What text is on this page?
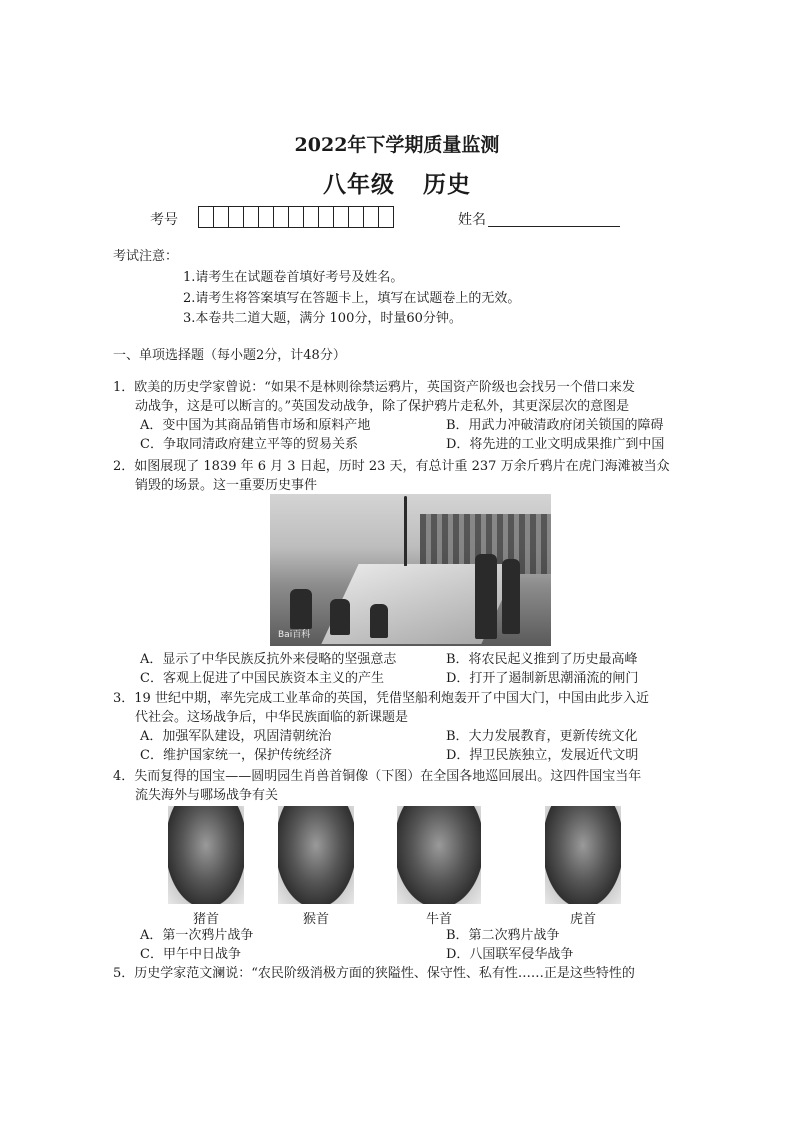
2022年下学期质量监测
八年级 历史
考号	姓名
考试注意：
1.请考生在试题卷首填好考号及姓名。
2.请考生将答案填写在答题卡上，填写在试题卷上的无效。
3.本卷共二道大题，满分 100分，时量60分钟。
一、单项选择题（每小题2分，计48分）
1．欧美的历史学家曾说：“如果不是林则徐禁运鸦片，英国资产阶级也会找另一个借口来发
动战争，这是可以断言的。”英国发动战争，除了保护鸦片走私外，其更深层次的意图是
A．变中国为其商品销售市场和原料产地	B．用武力冲破清政府闭关锁国的障碍
C．争取同清政府建立平等的贸易关系	D．将先进的工业文明成果推广到中国
2．如图展现了 1839 年 6 月 3 日起，历时 23 天，有总计重 237 万余斤鸦片在虎门海滩被当众
销毁的场景。这一重要历史事件
Bai百科
A．显示了中华民族反抗外来侵略的坚强意志	B．将农民起义推到了历史最高峰
C．客观上促进了中国民族资本主义的产生	D．打开了遏制新思潮涌流的闸门
3．19 世纪中期，率先完成工业革命的英国，凭借坚船利炮轰开了中国大门，中国由此步入近
代社会。这场战争后，中华民族面临的新课题是
A．加强军队建设，巩固清朝统治	B．大力发展教育，更新传统文化
C．维护国家统一，保护传统经济	D．捍卫民族独立，发展近代文明
4．失而复得的国宝——圆明园生肖兽首铜像（下图）在全国各地巡回展出。这四件国宝当年
流失海外与哪场战争有关
猪首	猴首	牛首	虎首
A．第一次鸦片战争	B．第二次鸦片战争
C．甲午中日战争	D．八国联军侵华战争
5．历史学家范文澜说：“农民阶级消极方面的狭隘性、保守性、私有性……正是这些特性的
